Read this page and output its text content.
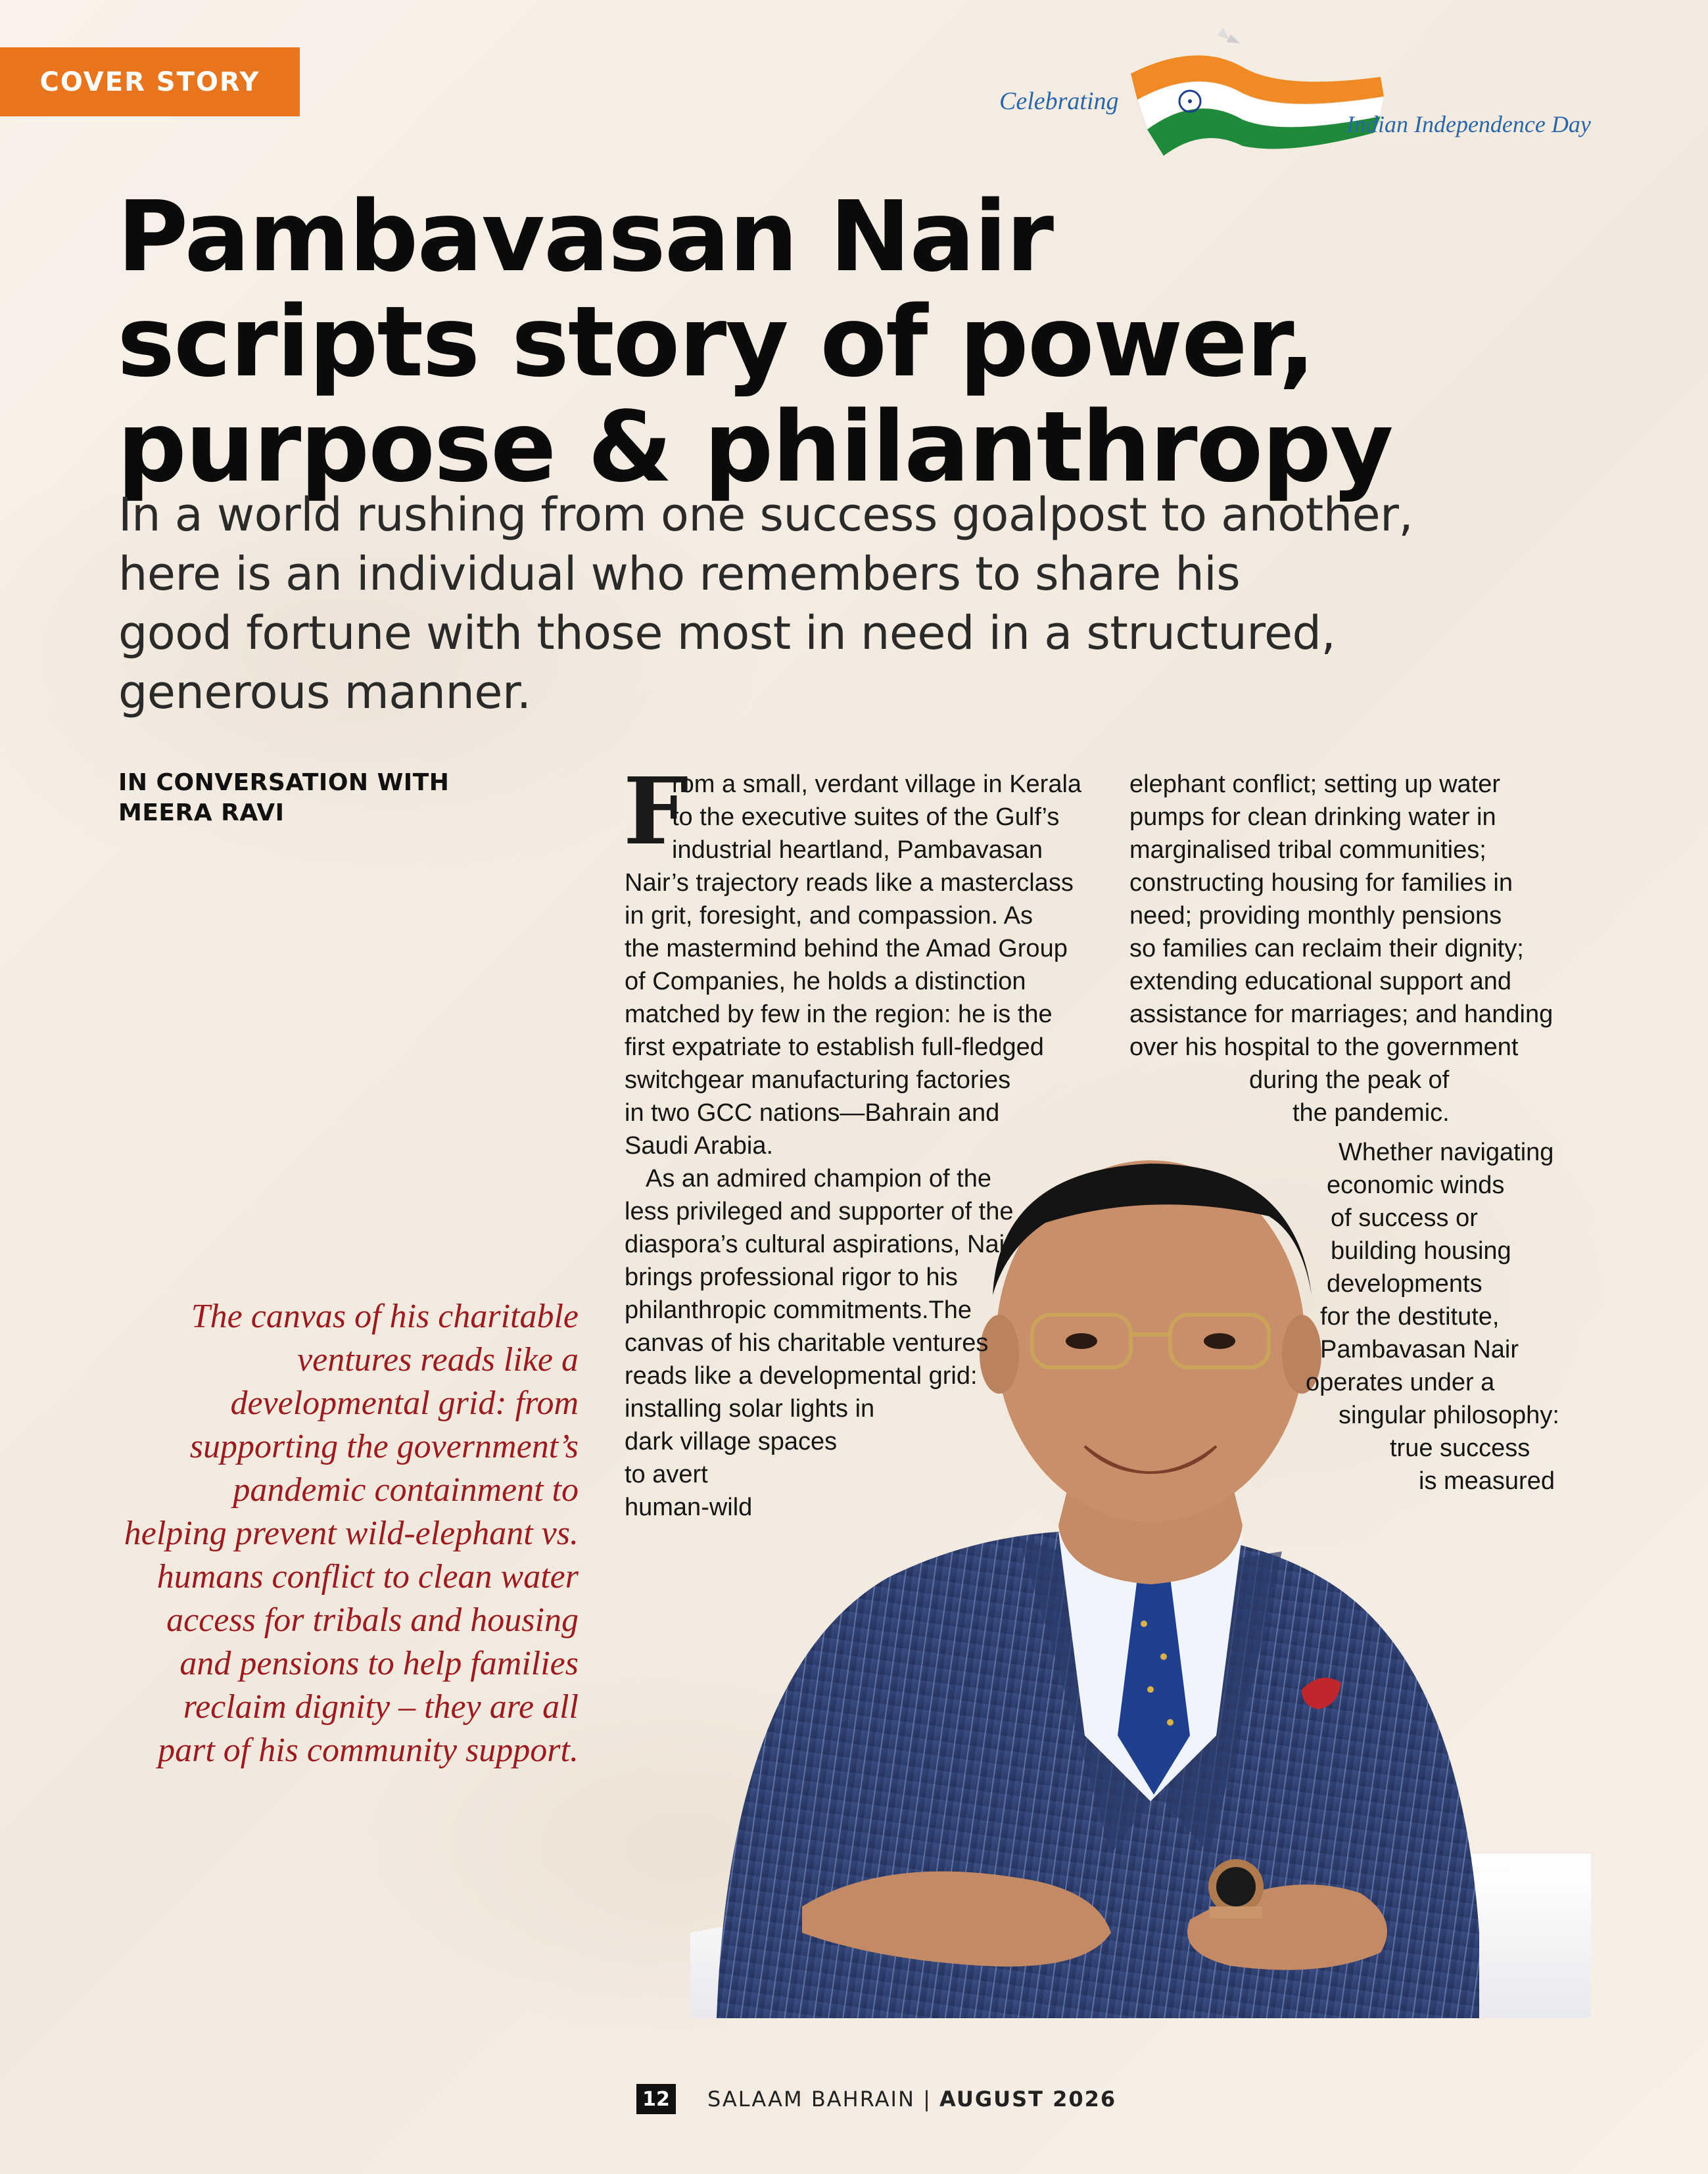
COVER STORY
Celebrating
Indian Independence Day
Pambavasan Nair
scripts story of power,
purpose & philanthropy
In a world rushing from one success goalpost to another,
here is an individual who remembers to share his
good fortune with those most in need in a structured,
generous manner.
IN CONVERSATION WITH
MEERA RAVI	F
rom a small, verdant village in Kerala
to the executive suites of the Gulf’s
industrial heartland, Pambavasan
Nair’s trajectory reads like a masterclass
in grit, foresight, and compassion. As
the mastermind behind the Amad Group
of Companies, he holds a distinction
matched by few in the region: he is the
first expatriate to establish full-fledged
switchgear manufacturing factories
in two GCC nations—Bahrain and
Saudi Arabia.
As an admired champion of the
less privileged and supporter of the
diaspora’s cultural aspirations, Nair
brings professional rigor to his
philanthropic commitments.The
canvas of his charitable ventures
reads like a developmental grid:
installing solar lights in
dark village spaces
to avert
human-wild
elephant conflict; setting up water
pumps for clean drinking water in
marginalised tribal communities;
constructing housing for families in
need; providing monthly pensions
so families can reclaim their dignity;
extending educational support and
assistance for marriages; and handing
over his hospital to the government
during the peak of
the pandemic.
Whether navigating
economic winds
of success or
building housing
developments
for the destitute,
Pambavasan Nair
operates under a
singular philosophy:
true success
is measured
The canvas of his charitable
ventures reads like a
developmental grid: from
supporting the government’s
pandemic containment to
helping prevent wild-elephant vs.
humans conflict to clean water
access for tribals and housing
and pensions to help families
reclaim dignity – they are all
part of his community support.
12 SALAAM BAHRAIN | AUGUST 2026
